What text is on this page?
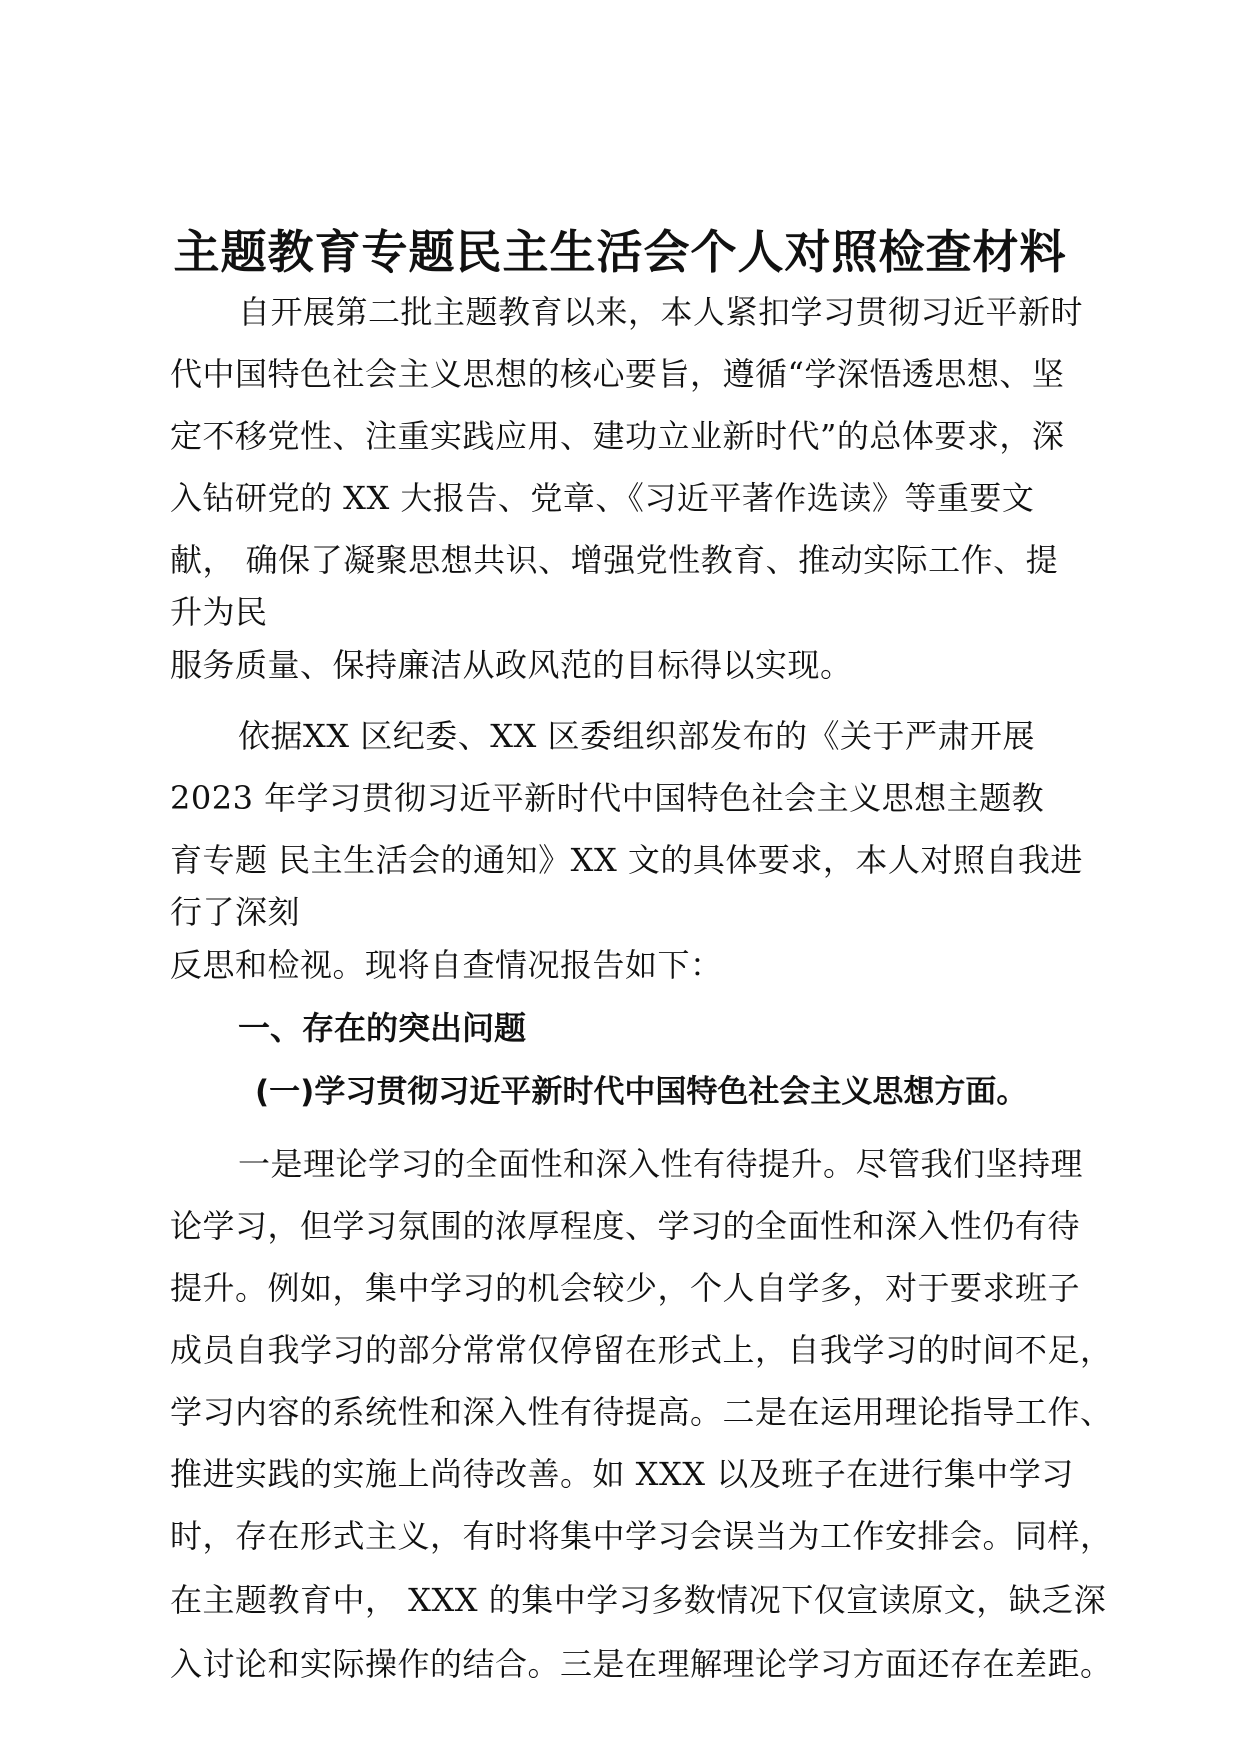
主题教育专题民主生活会个人对照检查材料
自开展第二批主题教育以来，本人紧扣学习贯彻习近平新时
代中国特色社会主义思想的核心要旨，遵循“学深悟透思想、坚
定不移党性、注重实践应用、建功立业新时代”的总体要求，深
入钻研党的 XX 大报告、党章、《习近平著作选读》等重要文
献， 确保了凝聚思想共识、增强党性教育、推动实际工作、提
升为民
服务质量、保持廉洁从政风范的目标得以实现。
依据XX 区纪委、XX 区委组织部发布的《关于严肃开展
2023 年学习贯彻习近平新时代中国特色社会主义思想主题教
育专题 民主生活会的通知》XX 文的具体要求，本人对照自我进
行了深刻
反思和检视。现将自查情况报告如下：
一、存在的突出问题
(一)学习贯彻习近平新时代中国特色社会主义思想方面。
一是理论学习的全面性和深入性有待提升。尽管我们坚持理
论学习，但学习氛围的浓厚程度、学习的全面性和深入性仍有待
提升。例如，集中学习的机会较少，个人自学多，对于要求班子
成员自我学习的部分常常仅停留在形式上，自我学习的时间不足，
学习内容的系统性和深入性有待提高。二是在运用理论指导工作、
推进实践的实施上尚待改善。如 XXX 以及班子在进行集中学习
时，存在形式主义，有时将集中学习会误当为工作安排会。同样，
在主题教育中， XXX 的集中学习多数情况下仅宣读原文，缺乏深
入讨论和实际操作的结合。三是在理解理论学习方面还存在差距。
